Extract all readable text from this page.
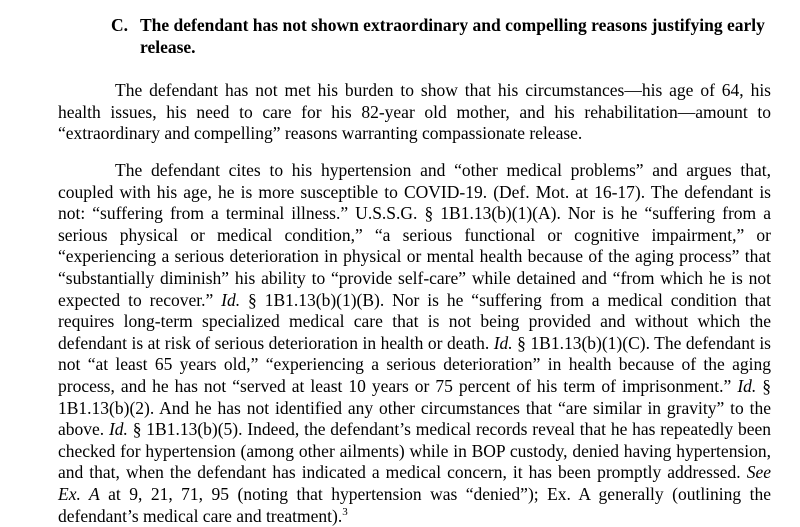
C. The defendant has not shown extraordinary and compelling reasons justifying early release.

The defendant has not met his burden to show that his circumstances—his age of 64, his health issues, his need to care for his 82-year old mother, and his rehabilitation—amount to “extraordinary and compelling” reasons warranting compassionate release.

The defendant cites to his hypertension and “other medical problems” and argues that, coupled with his age, he is more susceptible to COVID-19. (Def. Mot. at 16-17). The defendant is not: “suffering from a terminal illness.” U.S.S.G. § 1B1.13(b)(1)(A). Nor is he “suffering from a serious physical or medical condition,” “a serious functional or cognitive impairment,” or “experiencing a serious deterioration in physical or mental health because of the aging process” that “substantially diminish” his ability to “provide self-care” while detained and “from which he is not expected to recover.” Id. § 1B1.13(b)(1)(B). Nor is he “suffering from a medical condition that requires long-term specialized medical care that is not being provided and without which the defendant is at risk of serious deterioration in health or death. Id. § 1B1.13(b)(1)(C). The defendant is not “at least 65 years old,” “experiencing a serious deterioration” in health because of the aging process, and he has not “served at least 10 years or 75 percent of his term of imprisonment.” Id. § 1B1.13(b)(2). And he has not identified any other circumstances that “are similar in gravity” to the above. Id. § 1B1.13(b)(5). Indeed, the defendant’s medical records reveal that he has repeatedly been checked for hypertension (among other ailments) while in BOP custody, denied having hypertension, and that, when the defendant has indicated a medical concern, it has been promptly addressed. See Ex. A at 9, 21, 71, 95 (noting that hypertension was “denied”); Ex. A generally (outlining the defendant’s medical care and treatment).$^3$
